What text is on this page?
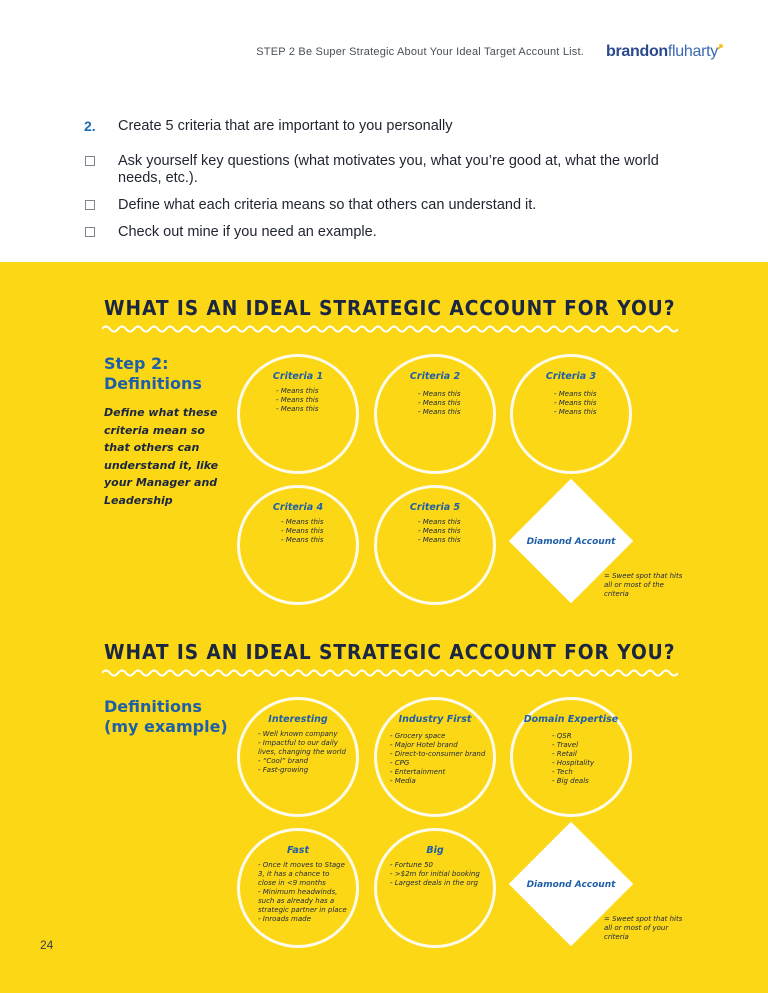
STEP 2 Be Super Strategic About Your Ideal Target Account List. brandonfluharty
2. Create 5 criteria that are important to you personally
Ask yourself key questions (what motivates you, what you’re good at, what the world needs, etc.).
Define what each criteria means so that others can understand it.
Check out mine if you need an example.
WHAT IS AN IDEAL STRATEGIC ACCOUNT FOR YOU?
Step 2:
Definitions
Define what these criteria mean so that others can understand it, like your Manager and Leadership
Criteria 1
- Means this
- Means this
- Means this
Criteria 2
- Means this
- Means this
- Means this
Criteria 3
- Means this
- Means this
- Means this
Criteria 4
- Means this
- Means this
- Means this
Criteria 5
- Means this
- Means this
- Means this	Diamond Account
= Sweet spot that hits all or most of the criteria
WHAT IS AN IDEAL STRATEGIC ACCOUNT FOR YOU?
Definitions
(my example)	Interesting
- Well known company
- Impactful to our daily
lives, changing the world
- “Cool” brand
- Fast-growing
Industry First
- Grocery space
- Major Hotel brand
- Direct-to-consumer brand
- CPG
- Entertainment
- Media
Domain Expertise
- QSR
- Travel
- Retail
- Hospitality
- Tech
- Big deals
Fast
- Once it moves to Stage
3, it has a chance to
close in <9 months
- Minimum headwinds,
such as already has a
strategic partner in place
- Inroads made
Big
- Fortune 50
- >$2m for initial booking
- Largest deals in the org	Diamond Account
= Sweet spot that hits all or most of your criteria
24
